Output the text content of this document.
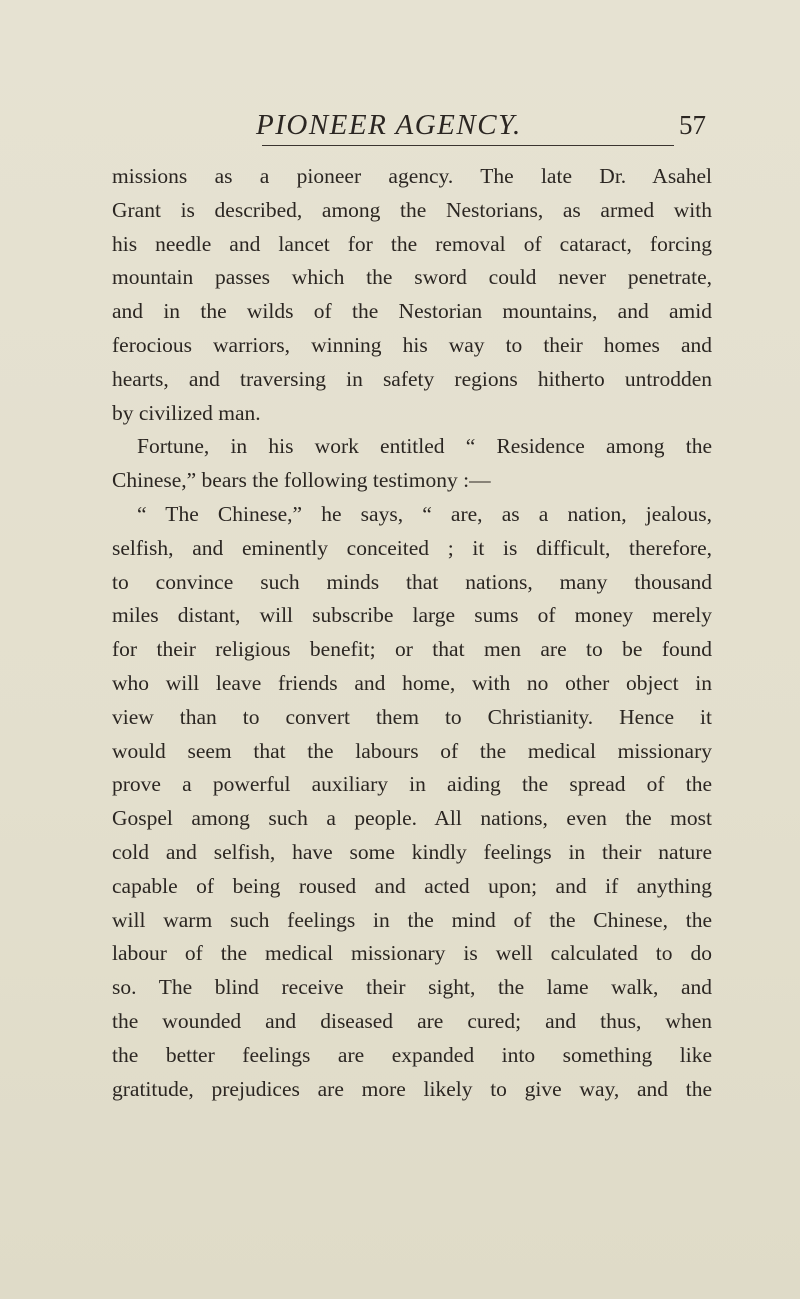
PIONEER AGENCY.	57
missions as a pioneer agency. The late Dr. Asahel
Grant is described, among the Nestorians, as armed with
his needle and lancet for the removal of cataract, forcing
mountain passes which the sword could never penetrate,
and in the wilds of the Nestorian mountains, and amid
ferocious warriors, winning his way to their homes and
hearts, and traversing in safety regions hitherto untrodden
by civilized man.
Fortune, in his work entitled “ Residence among the
Chinese,” bears the following testimony :—
“ The Chinese,” he says, “ are, as a nation, jealous,
selfish, and eminently conceited ; it is difficult, therefore,
to convince such minds that nations, many thousand
miles distant, will subscribe large sums of money merely
for their religious benefit; or that men are to be found
who will leave friends and home, with no other object in
view than to convert them to Christianity. Hence it
would seem that the labours of the medical missionary
prove a powerful auxiliary in aiding the spread of the
Gospel among such a people. All nations, even the most
cold and selfish, have some kindly feelings in their nature
capable of being roused and acted upon; and if anything
will warm such feelings in the mind of the Chinese, the
labour of the medical missionary is well calculated to do
so. The blind receive their sight, the lame walk, and
the wounded and diseased are cured; and thus, when
the better feelings are expanded into something like
gratitude, prejudices are more likely to give way, and the
